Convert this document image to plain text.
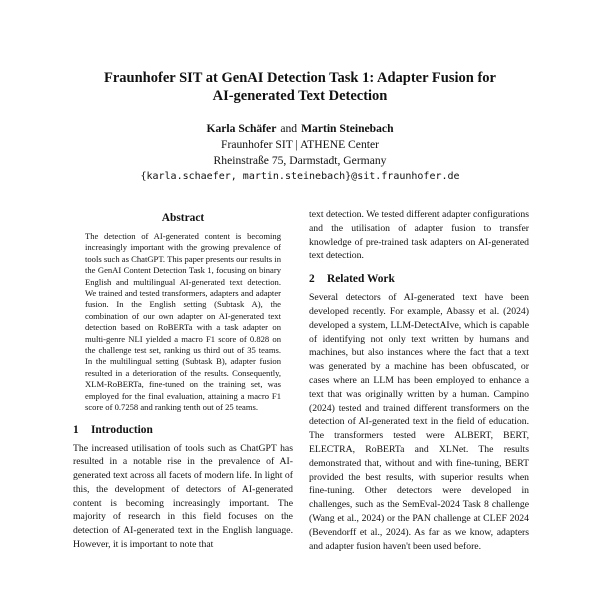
Fraunhofer SIT at GenAI Detection Task 1: Adapter Fusion for
AI-generated Text Detection
Karla Schäfer and Martin Steinebach
Fraunhofer SIT | ATHENE Center
Rheinstraße 75, Darmstadt, Germany
{karla.schaefer, martin.steinebach}@sit.fraunhofer.de
Abstract

The detection of AI-generated content is becoming increasingly important with the growing prevalence of tools such as ChatGPT. This paper presents our results in the GenAI Content Detection Task 1, focusing on binary English and multilingual AI-generated text detection. We trained and tested transformers, adapters and adapter fusion. In the English setting (Subtask A), the combination of our own adapter on AI-generated text detection based on RoBERTa with a task adapter on multi-genre NLI yielded a macro F1 score of 0.828 on the challenge test set, ranking us third out of 35 teams. In the multilingual setting (Subtask B), adapter fusion resulted in a deterioration of the results. Consequently, XLM-RoBERTa, fine-tuned on the training set, was employed for the final evaluation, attaining a macro F1 score of 0.7258 and ranking tenth out of 25 teams.

1 Introduction

The increased utilisation of tools such as ChatGPT has resulted in a notable rise in the prevalence of AI-generated text across all facets of modern life. In light of this, the development of detectors of AI-generated content is becoming increasingly important. The majority of research in this field focuses on the detection of AI-generated text in the English language. However, it is important to note that

text detection. We tested different adapter configurations and the utilisation of adapter fusion to transfer knowledge of pre-trained task adapters on AI-generated text detection.

2 Related Work

Several detectors of AI-generated text have been developed recently. For example, Abassy et al. (2024) developed a system, LLM-DetectAIve, which is capable of identifying not only text written by humans and machines, but also instances where the fact that a text was generated by a machine has been obfuscated, or cases where an LLM has been employed to enhance a text that was originally written by a human. Campino (2024) tested and trained different transformers on the detection of AI-generated text in the field of education. The transformers tested were ALBERT, BERT, ELECTRA, RoBERTa and XLNet. The results demonstrated that, without and with fine-tuning, BERT provided the best results, with superior results when fine-tuning. Other detectors were developed in challenges, such as the SemEval-2024 Task 8 challenge (Wang et al., 2024) or the PAN challenge at CLEF 2024 (Bevendorff et al., 2024). As far as we know, adapters and adapter fusion haven't been used before.
